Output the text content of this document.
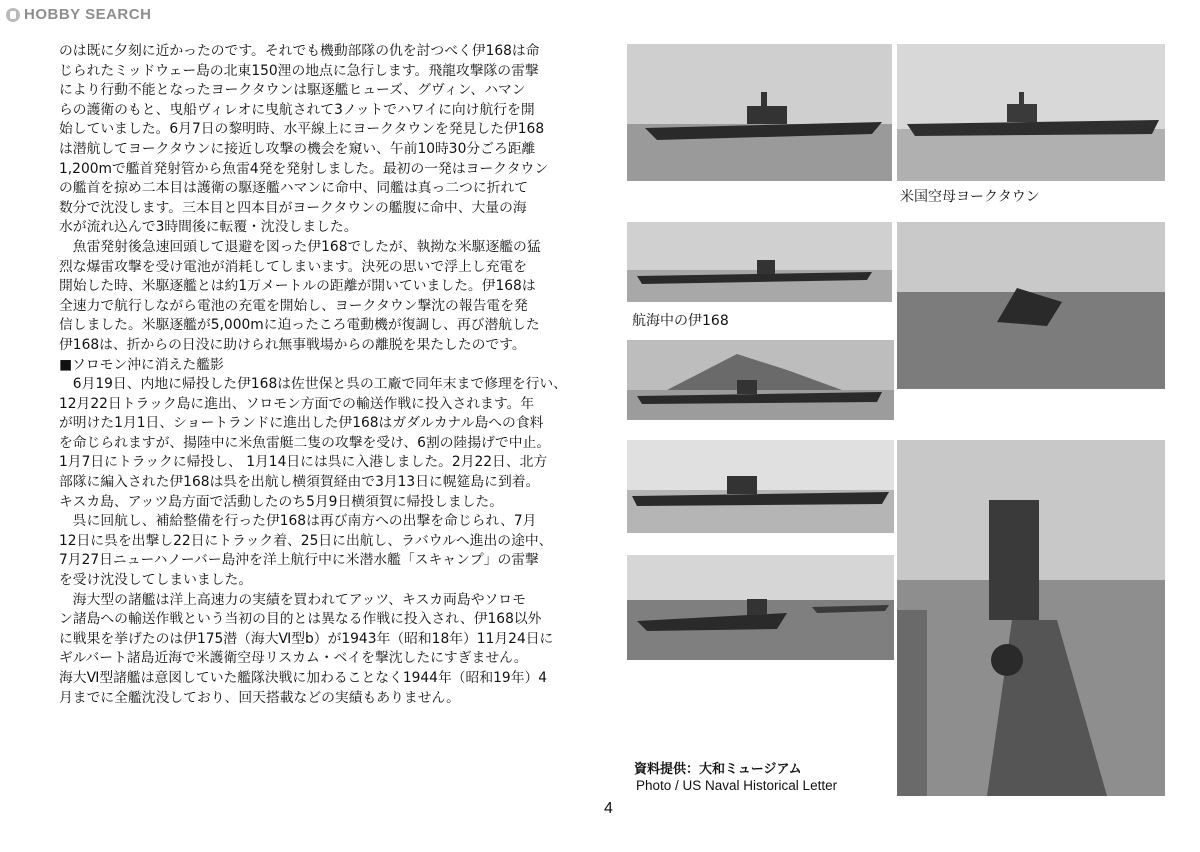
HOBBY SEARCH

のは既に夕刻に近かったのです。それでも機動部隊の仇を討つべく伊168は命
じられたミッドウェー島の北東150浬の地点に急行します。飛龍攻撃隊の雷撃
により行動不能となったヨークタウンは駆逐艦ヒューズ、グヴィン、ハマン
らの護衛のもと、曳船ヴィレオに曳航されて3ノットでハワイに向け航行を開
始していました。6月7日の黎明時、水平線上にヨークタウンを発見した伊168
は潜航してヨークタウンに接近し攻撃の機会を窺い、午前10時30分ごろ距離
1,200mで艦首発射管から魚雷4発を発射しました。最初の一発はヨークタウン
の艦首を掠め二本目は護衛の駆逐艦ハマンに命中、同艦は真っ二つに折れて
数分で沈没します。三本目と四本目がヨークタウンの艦腹に命中、大量の海
水が流れ込んで3時間後に転覆・沈没しました。

魚雷発射後急速回頭して退避を図った伊168でしたが、執拗な米駆逐艦の猛
烈な爆雷攻撃を受け電池が消耗してしまいます。決死の思いで浮上し充電を
開始した時、米駆逐艦とは約1万メートルの距離が開いていました。伊168は
全速力で航行しながら電池の充電を開始し、ヨークタウン撃沈の報告電を発
信しました。米駆逐艦が5,000mに迫ったころ電動機が復調し、再び潜航した
伊168は、折からの日没に助けられ無事戦場からの離脱を果たしたのです。

■ソロモン沖に消えた艦影

6月19日、内地に帰投した伊168は佐世保と呉の工廠で同年末まで修理を行い、
12月22日トラック島に進出、ソロモン方面での輸送作戦に投入されます。年
が明けた1月1日、ショートランドに進出した伊168はガダルカナル島への食料
を命じられますが、揚陸中に米魚雷艇二隻の攻撃を受け、6割の陸揚げで中止。
1月7日にトラックに帰投し、 1月14日には呉に入港しました。2月22日、北方
部隊に編入された伊168は呉を出航し横須賀経由で3月13日に幌筵島に到着。
キスカ島、アッツ島方面で活動したのち5月9日横須賀に帰投しました。

呉に回航し、補給整備を行った伊168は再び南方への出撃を命じられ、7月
12日に呉を出撃し22日にトラック着、25日に出航し、ラバウルへ進出の途中、
7月27日ニューハノーバー島沖を洋上航行中に米潜水艦「スキャンプ」の雷撃
を受け沈没してしまいました。

海大型の諸艦は洋上高速力の実績を買われてアッツ、キスカ両島やソロモ
ン諸島への輸送作戦という当初の目的とは異なる作戦に投入され、伊168以外
に戦果を挙げたのは伊175潜（海大Ⅵ型b）が1943年（昭和18年）11月24日に
ギルバート諸島近海で米護衛空母リスカム・ベイを撃沈したにすぎません。
海大Ⅵ型諸艦は意図していた艦隊決戦に加わることなく1944年（昭和19年）4
月までに全艦沈没しており、回天搭載などの実績もありません。

米国空母ヨークタウン
航海中の伊168
資料提供：大和ミュージアム
Photo / US Naval Historical Letter
4
